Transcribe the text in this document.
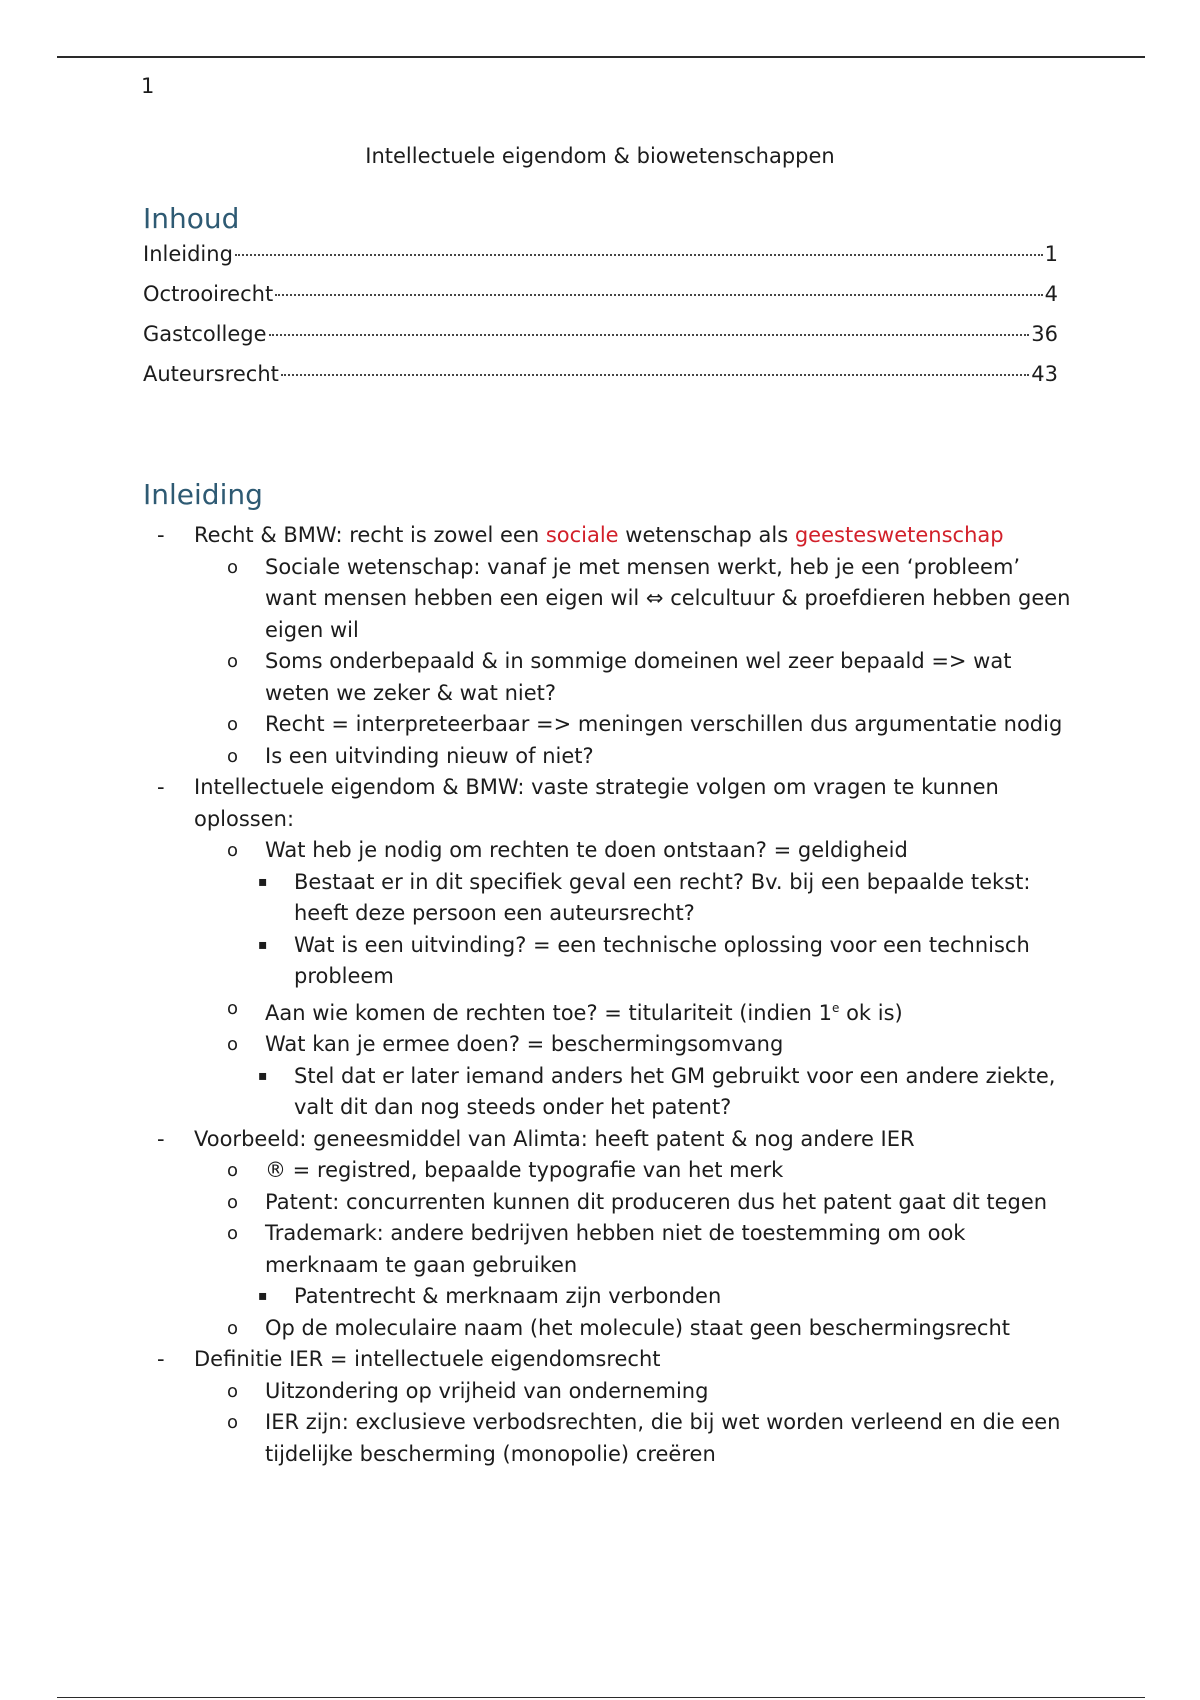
1
Intellectuele eigendom & biowetenschappen
Inhoud
Inleiding	1
Octrooirecht	4
Gastcollege	36
Auteursrecht	43
Inleiding
- Recht & BMW: recht is zowel een sociale wetenschap als geesteswetenschap
o Sociale wetenschap: vanaf je met mensen werkt, heb je een ‘probleem’ want mensen hebben een eigen wil ⇔ celcultuur & proefdieren hebben geen eigen wil
o Soms onderbepaald & in sommige domeinen wel zeer bepaald => wat weten we zeker & wat niet?
o Recht = interpreteerbaar => meningen verschillen dus argumentatie nodig
o Is een uitvinding nieuw of niet?
- Intellectuele eigendom & BMW: vaste strategie volgen om vragen te kunnen oplossen:
o Wat heb je nodig om rechten te doen ontstaan? = geldigheid
▪ Bestaat er in dit specifiek geval een recht? Bv. bij een bepaalde tekst: heeft deze persoon een auteursrecht?
▪ Wat is een uitvinding? = een technische oplossing voor een technisch probleem
o Aan wie komen de rechten toe? = titulariteit (indien 1e ok is)
o Wat kan je ermee doen? = beschermingsomvang
▪ Stel dat er later iemand anders het GM gebruikt voor een andere ziekte, valt dit dan nog steeds onder het patent?
- Voorbeeld: geneesmiddel van Alimta: heeft patent & nog andere IER
o ® = registred, bepaalde typografie van het merk
o Patent: concurrenten kunnen dit produceren dus het patent gaat dit tegen
o Trademark: andere bedrijven hebben niet de toestemming om ook merknaam te gaan gebruiken
▪ Patentrecht & merknaam zijn verbonden
o Op de moleculaire naam (het molecule) staat geen beschermingsrecht
- Definitie IER = intellectuele eigendomsrecht
o Uitzondering op vrijheid van onderneming
o IER zijn: exclusieve verbodsrechten, die bij wet worden verleend en die een tijdelijke bescherming (monopolie) creëren
